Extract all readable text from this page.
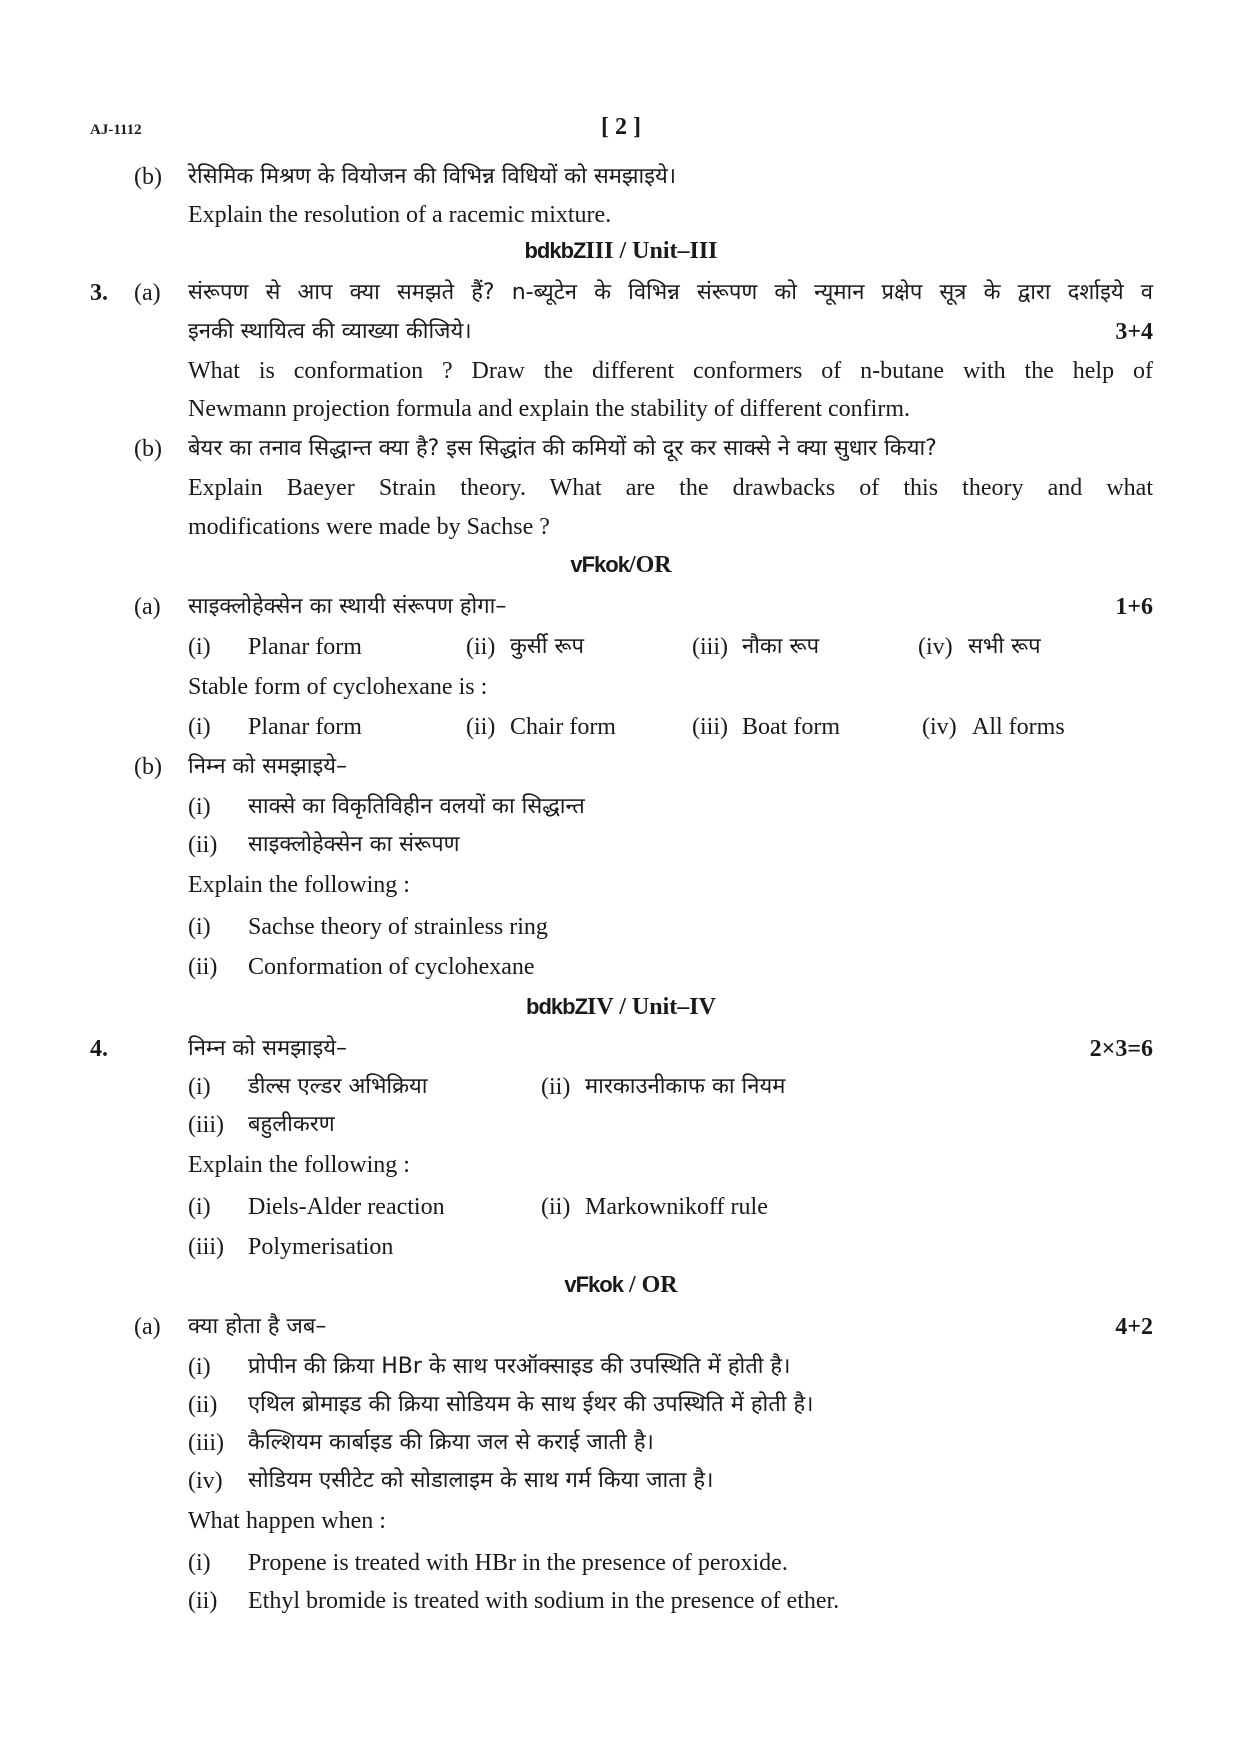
AJ-1112	[ 2 ]
(b) रेसिमिक मिश्रण के वियोजन की विभिन्न विधियों को समझाइये।
Explain the resolution of a racemic mixture.
bdkbZIII / Unit–III
3. (a) संरूपण से आप क्या समझते हैं? n-ब्यूटेन के विभिन्न संरूपण को न्यूमान प्रक्षेप सूत्र के द्वारा दर्शाइये व
इनकी स्थायित्व की व्याख्या कीजिये।	3+4
What is conformation ? Draw the different conformers of n-butane with the help of
Newmann projection formula and explain the stability of different confirm.
(b) बेयर का तनाव सिद्धान्त क्या है? इस सिद्धांत की कमियों को दूर कर साक्से ने क्या सुधार किया?
Explain Baeyer Strain theory. What are the drawbacks of this theory and what
modifications were made by Sachse ?
vFkok/OR
(a) साइक्लोहेक्सेन का स्थायी संरूपण होगा–	1+6
(i) Planar form	(ii) कुर्सी रूप	(iii) नौका रूप	(iv) सभी रूप
Stable form of cyclohexane is :
(i) Planar form	(ii) Chair form	(iii) Boat form	(iv) All forms
(b) निम्न को समझाइये–
(i) साक्से का विकृतिविहीन वलयों का सिद्धान्त
(ii) साइक्लोहेक्सेन का संरूपण
Explain the following :
(i) Sachse theory of strainless ring
(ii) Conformation of cyclohexane
bdkbZIV / Unit–IV
4.	निम्न को समझाइये–	2×3=6
(i) डील्स एल्डर अभिक्रिया	(ii) मारकाउनीकाफ का नियम
(iii) बहुलीकरण
Explain the following :
(i) Diels-Alder reaction	(ii) Markownikoff rule
(iii) Polymerisation
vFkok / OR
(a) क्या होता है जब–	4+2
(i) प्रोपीन की क्रिया HBr के साथ परऑक्साइड की उपस्थिति में होती है।
(ii) एथिल ब्रोमाइड की क्रिया सोडियम के साथ ईथर की उपस्थिति में होती है।
(iii) कैल्शियम कार्बाइड की क्रिया जल से कराई जाती है।
(iv) सोडियम एसीटेट को सोडालाइम के साथ गर्म किया जाता है।
What happen when :
(i) Propene is treated with HBr in the presence of peroxide.
(ii) Ethyl bromide is treated with sodium in the presence of ether.
